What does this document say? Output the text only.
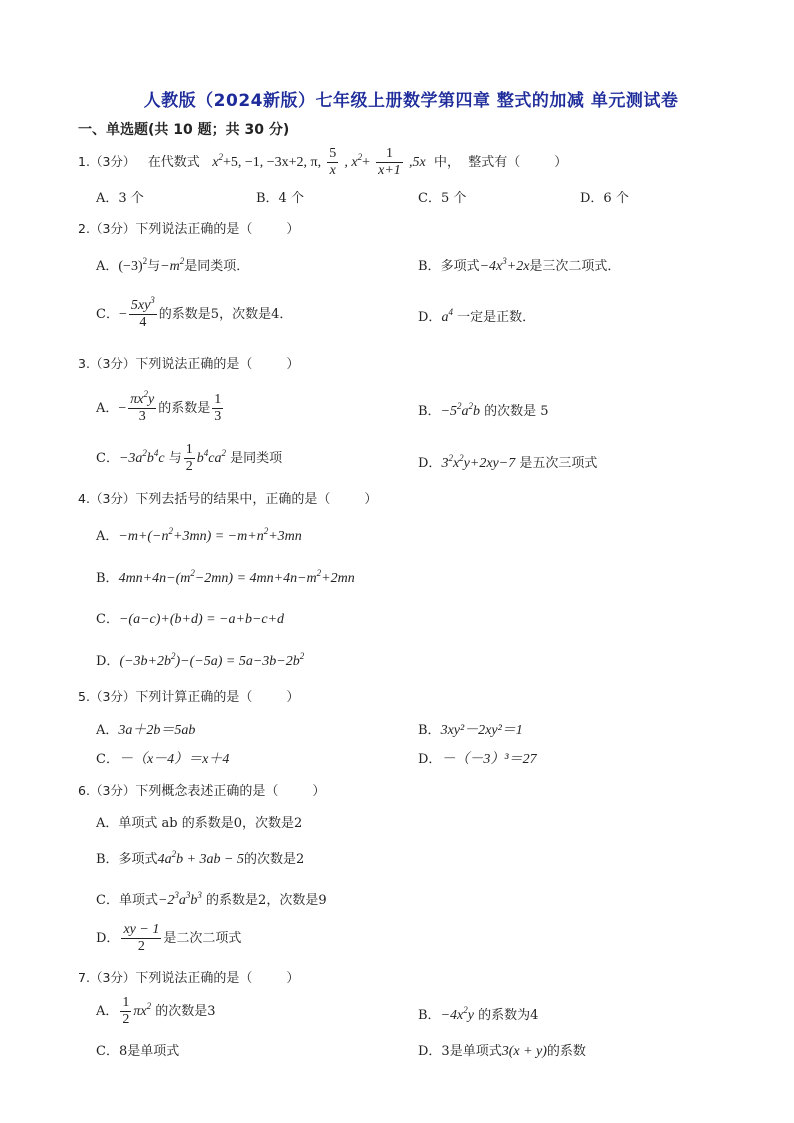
人教版（2024新版）七年级上册数学第四章 整式的加减 单元测试卷
一、单选题(共 10 题；共 30 分)
1.（3分） 在代数式 $x^2+5$, −1, −3x+2, π, $\frac{5}{x}$ , $x^2+ \frac{1}{x+1} ,5x$ 中， 整式有（	）
A．3 个	B．4 个	C．5 个	D．6 个
2.（3分）下列说法正确的是（	）
A．$(-3)^2$与$-m^2$是同类项．	B．多项式$-4x^3+2x$是三次二项式．
C．− $\frac{5xy^3}{4}$ 的系数是5，次数是4．	D．$a^4$ 一定是正数．
3.（3分）下列说法正确的是（	）
A．− $\frac{\pi x^2y}{3}$ 的系数是 $\frac{1}{3}$	B．$-5^2a^2b$ 的次数是 5
C．$-3a^2b^4c$ 与 $\frac{1}{2} b^4ca^2$ 是同类项	D．$3^2x^2y+2xy-7$ 是五次三项式
4.（3分）下列去括号的结果中，正确的是（	）
A．$-m+(-n^2+3mn) = -m+n^2+3mn$
B．$4mn+4n-(m^2-2mn) = 4mn+4n-m^2+2mn$
C．−(a−c)+(b+d) = −a+b−c+d
D．$(-3b+2b^2)-(-5a) = 5a-3b-2b^2$
5.（3分）下列计算正确的是（	）
A．3a＋2b＝5ab	B．3xy²－2xy²＝1
C．－（x－4）＝x＋4	D．－（－3）³＝27
6.（3分）下列概念表述正确的是（	）
A．单项式 ab 的系数是0，次数是2
B．多项式$4a^2b + 3ab - 5$的次数是2
C．单项式$-2^3a^3b^3$ 的系数是2，次数是9
D． $\frac{xy - 1}{2}$ 是二次二项式
7.（3分）下列说法正确的是（	）
A． $\frac{1}{2} \pi x^2$ 的次数是3	B．$-4x^2y$ 的系数为4
C．8是单项式	D．3是单项式3(x + y)的系数
